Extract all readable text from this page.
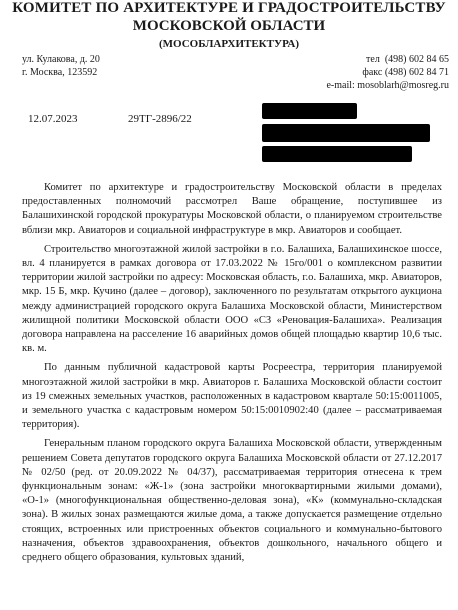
КОМИТЕТ ПО АРХИТЕКТУРЕ И ГРАДОСТРОИТЕЛЬСТВУ
МОСКОВСКОЙ ОБЛАСТИ
(МОСОБЛАРХИТЕКТУРА)
ул. Кулакова, д. 20
г. Москва, 123592
тел  (498) 602 84 65
факс (498) 602 84 71
e-mail: mosoblarh@mosreg.ru
12.07.2023	29ТГ-2896/22

Комитет по архитектуре и градостроительству Московской области в пределах предоставленных полномочий рассмотрел Ваше обращение, поступившее из Балашихинской городской прокуратуры Московской области, о планируемом строительстве вблизи мкр. Авиаторов и социальной инфраструктуре в мкр. Авиаторов и сообщает.

Строительство многоэтажной жилой застройки в г.о. Балашиха, Балашихинское шоссе, вл. 4 планируется в рамках договора от 17.03.2022 № 15го/001 о комплексном развитии территории жилой застройки по адресу: Московская область, г.о. Балашиха, мкр. Авиаторов, мкр. 15 Б, мкр. Кучино (далее – договор), заключенного по результатам открытого аукциона между администрацией городского округа Балашиха Московской области, Министерством жилищной политики Московской области ООО «СЗ «Реновация-Балашиха». Реализация договора направлена на расселение 16 аварийных домов общей площадью квартир 10,6 тыс. кв. м.

По данным публичной кадастровой карты Росреестра, территория планируемой многоэтажной жилой застройки в мкр. Авиаторов г. Балашиха Московской области состоит из 19 смежных земельных участков, расположенных в кадастровом квартале 50:15:0011005, и земельного участка с кадастровым номером 50:15:0010902:40 (далее – рассматриваемая территория).

Генеральным планом городского округа Балашиха Московской области, утвержденным решением Совета депутатов городского округа Балашиха Московской области от 27.12.2017 № 02/50 (ред. от 20.09.2022 № 04/37), рассматриваемая территория отнесена к трем функциональным зонам: «Ж-1» (зона застройки многоквартирными жилыми домами), «О-1» (многофункциональная общественно-деловая зона), «К» (коммунально-складская зона). В жилых зонах размещаются жилые дома, а также допускается размещение отдельно стоящих, встроенных или пристроенных объектов социального и коммунально-бытового назначения, объектов здравоохранения, объектов дошкольного, начального общего и среднего общего образования, культовых зданий,
